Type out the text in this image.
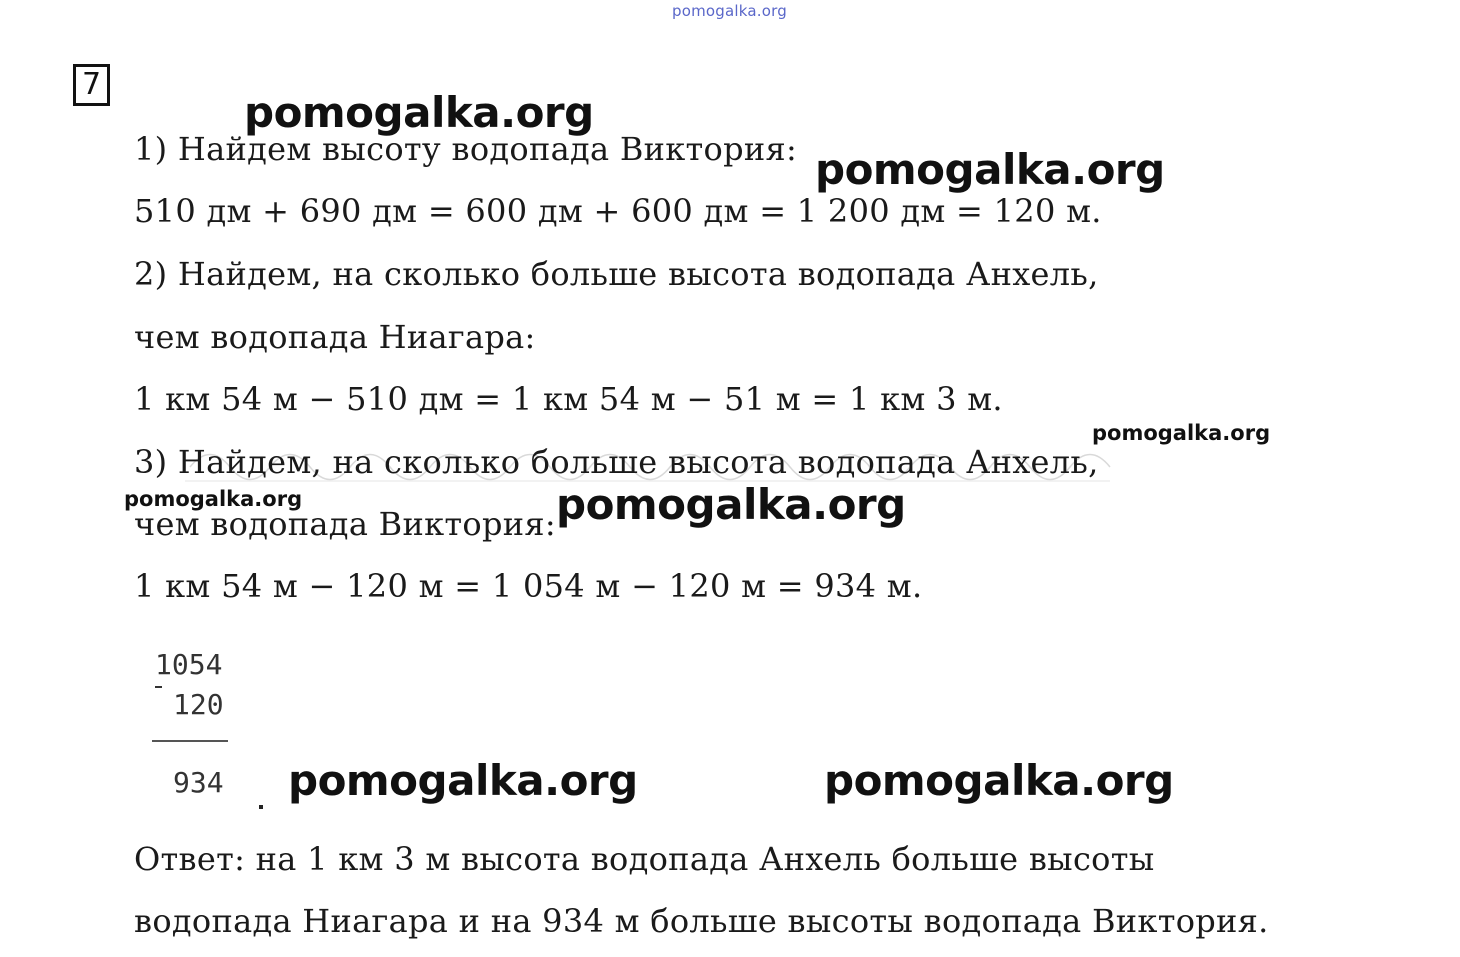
pomogalka.org
7
1) Найдем высоту водопада Виктория:
510 дм + 690 дм = 600 дм + 600 дм = 1 200 дм = 120 м.
2) Найдем, на сколько больше высота водопада Анхель,
чем водопада Ниагара:
1 км 54 м − 510 дм = 1 км 54 м − 51 м = 1 км 3 м.
3) Найдем, на сколько больше высота водопада Анхель,
чем водопада Виктория:
1 км 54 м − 120 м = 1 054 м − 120 м = 934 м.
1054
120
934
Ответ: на 1 км 3 м высота водопада Анхель больше высоты
водопада Ниагара и на 934 м больше высоты водопада Виктория.
pomogalka.org
pomogalka.org
pomogalka.org
pomogalka.org	pomogalka.org
pomogalka.org	pomogalka.org
